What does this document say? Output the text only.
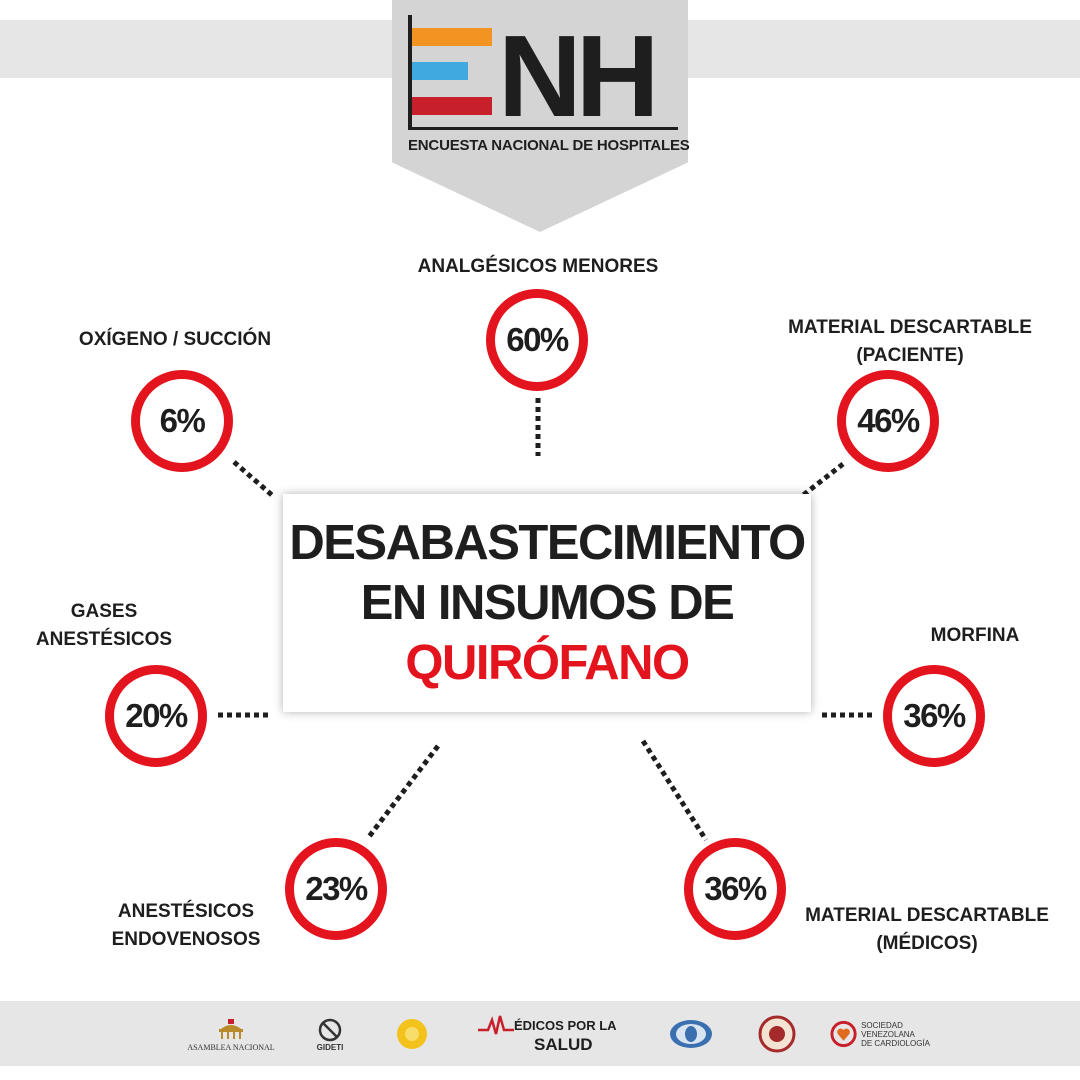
NH
ENCUESTA NACIONAL DE HOSPITALES
DESABASTECIMIENTO
EN INSUMOS DE
QUIRÓFANO
ANALGÉSICOS MENORES
60%
OXÍGENO / SUCCIÓN
6%
MATERIAL DESCARTABLE
(PACIENTE)
46%
GASES
ANESTÉSICOS
20%
MORFINA
36%
ANESTÉSICOS
ENDOVENOSOS
23%
MATERIAL DESCARTABLE
(MÉDICOS)
36%
ASAMBLEA NACIONAL	GIDETI
ÉDICOS POR LA
SALUD
SOCIEDAD
VENEZOLANA
DE CARDIOLOGÍA
